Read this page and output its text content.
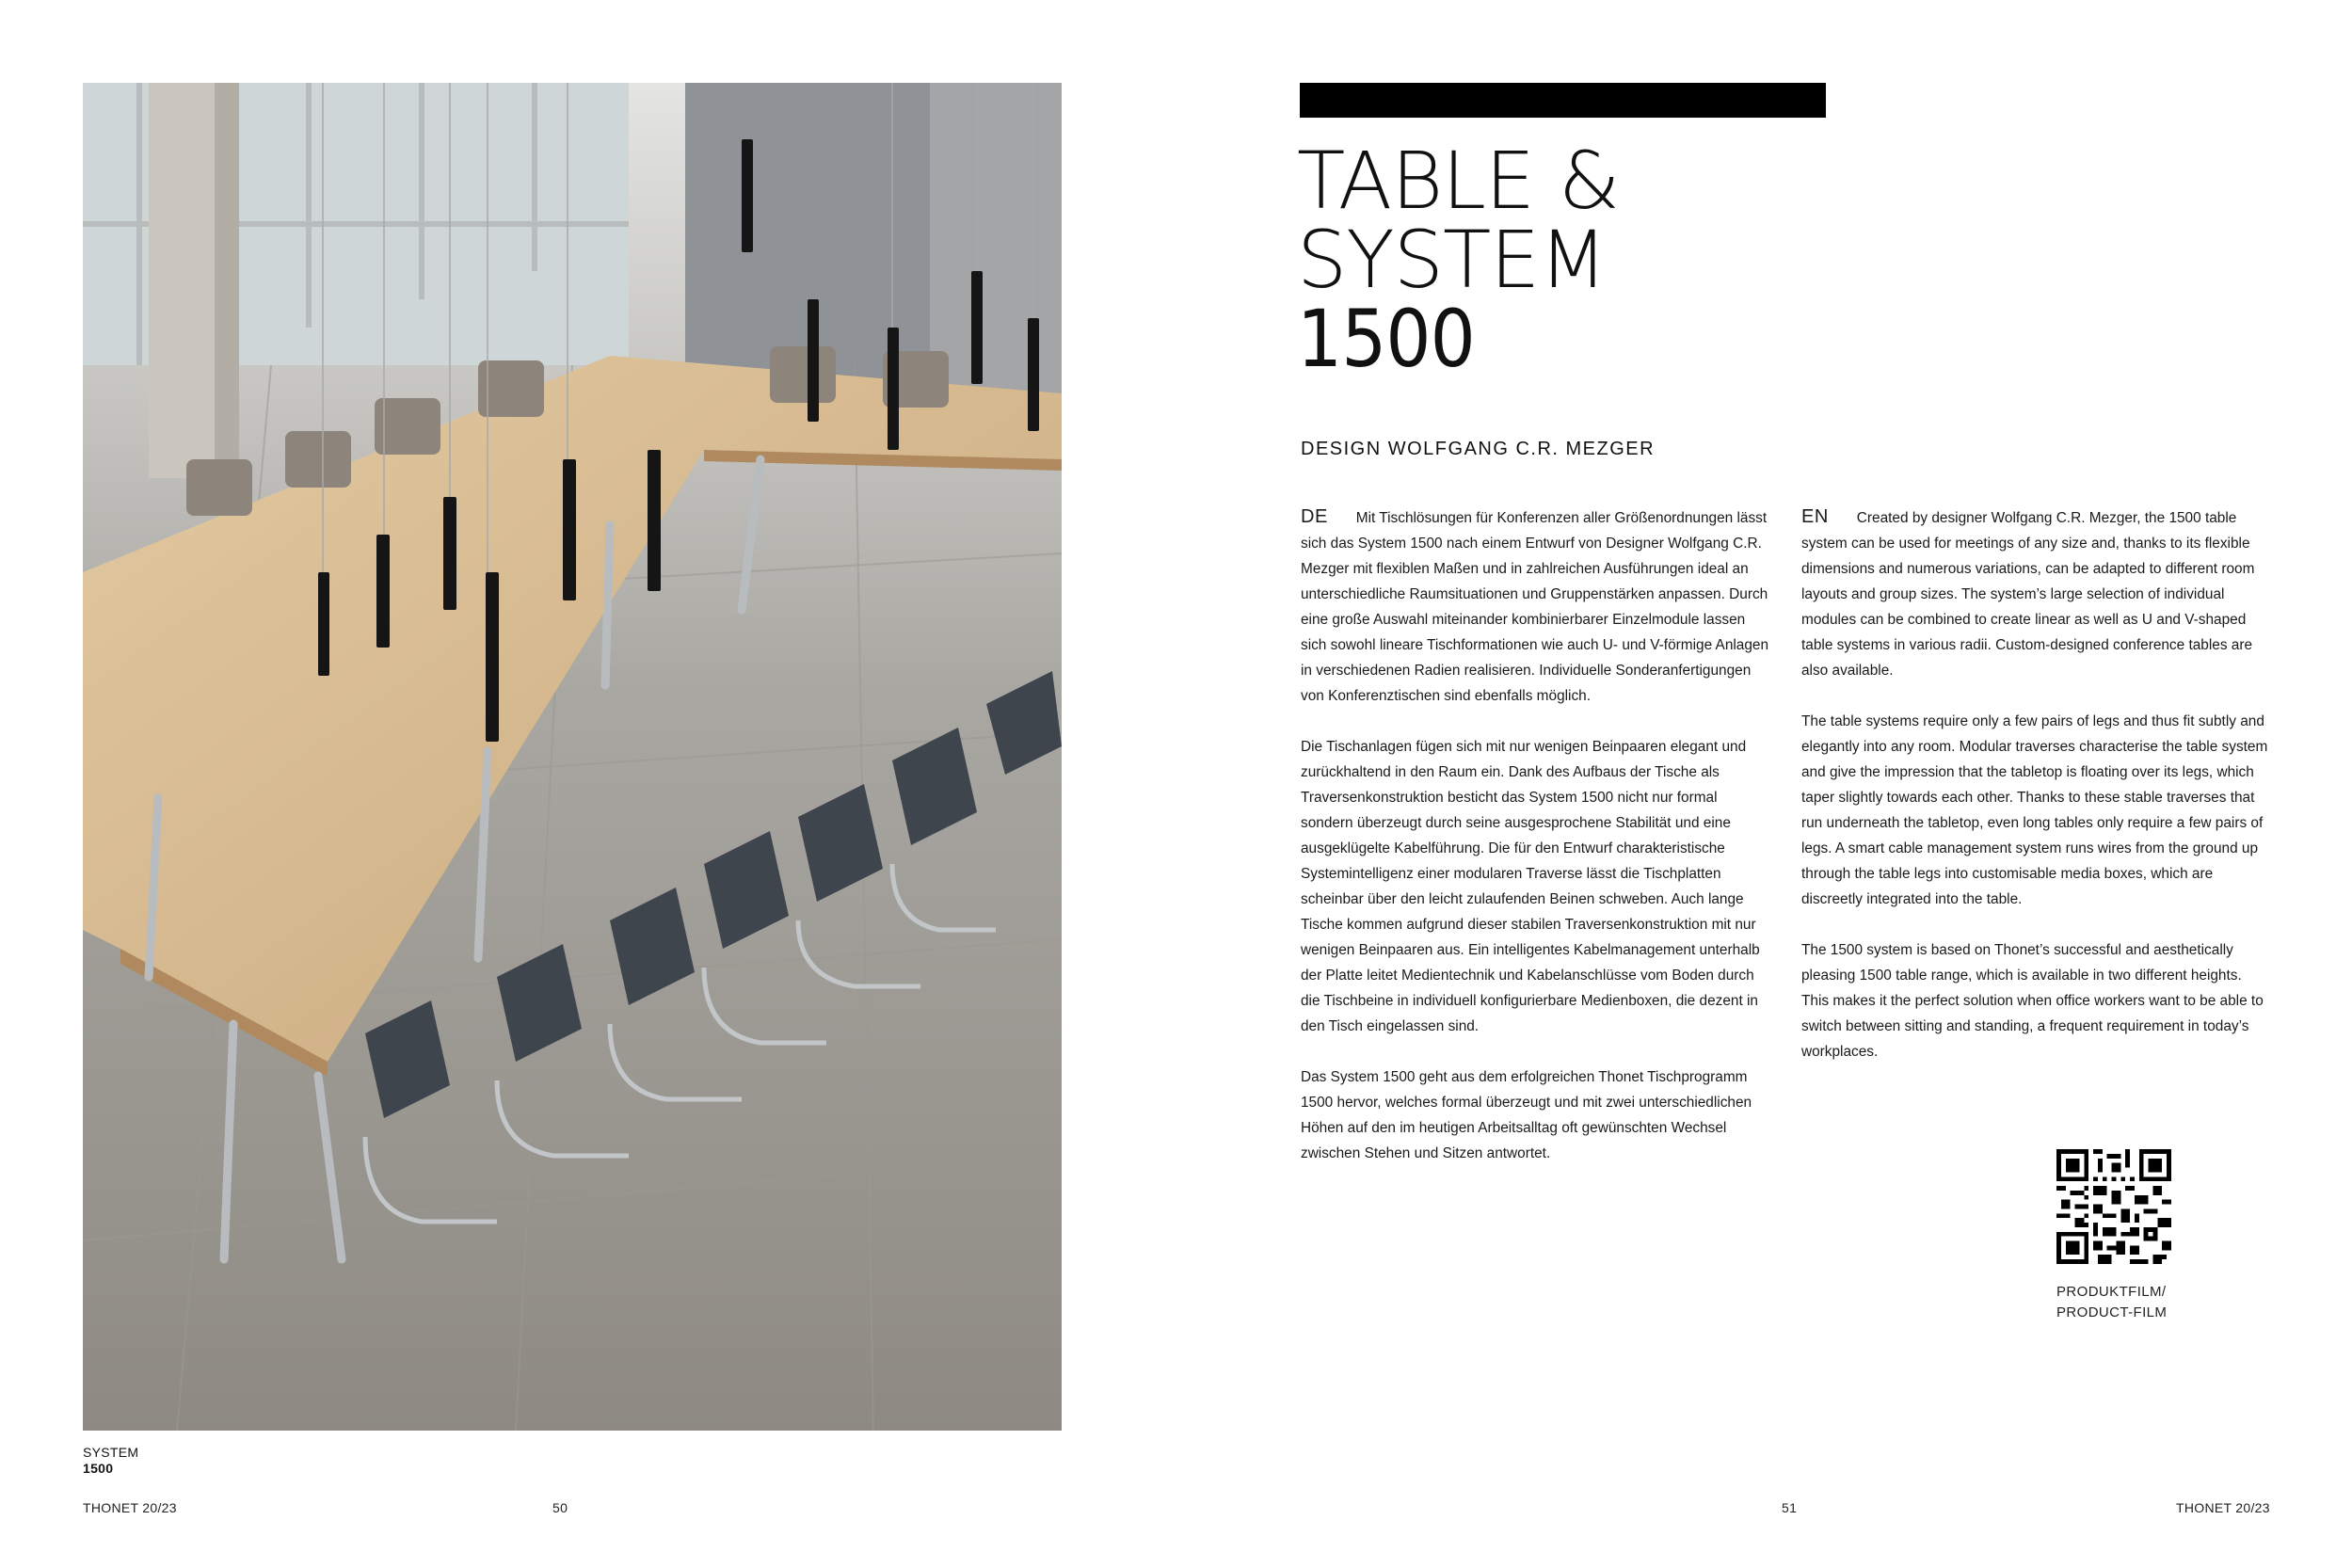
SYSTEM
1500
THONET 20/23	50	51	THONET 20/23
TABLE &
SYSTEM
1500
DESIGN WOLFGANG C.R. MEZGER

DE Mit Tischlösungen für Konferenzen aller Größenordnungen lässt sich das System 1500 nach einem Entwurf von Designer Wolfgang C.R. Mezger mit flexiblen Maßen und in zahlreichen Ausführungen ideal an unterschiedliche Raumsituationen und Gruppenstärken anpassen. Durch eine große Auswahl miteinander kombinierbarer Einzelmodule lassen sich sowohl lineare Tischformationen wie auch U- und V-förmige Anlagen in verschiedenen Radien realisieren. Individuelle Sonderanfertigungen von Konferenztischen sind ebenfalls möglich.

Die Tischanlagen fügen sich mit nur wenigen Beinpaaren elegant und zurückhaltend in den Raum ein. Dank des Aufbaus der Tische als Traversenkonstruktion besticht das System 1500 nicht nur formal sondern überzeugt durch seine ausgesprochene Stabilität und eine ausgeklügelte Kabelführung. Die für den Entwurf charakteristische Systemintelligenz einer modularen Traverse lässt die Tischplatten scheinbar über den leicht zulaufenden Beinen schweben. Auch lange Tische kommen aufgrund dieser stabilen Traversenkonstruktion mit nur wenigen Beinpaaren aus. Ein intelligentes Kabelmanagement unterhalb der Platte leitet Medientechnik und Kabelanschlüsse vom Boden durch die Tischbeine in individuell konfigurierbare Medienboxen, die dezent in den Tisch eingelassen sind.

Das System 1500 geht aus dem erfolgreichen Thonet Tischprogramm 1500 hervor, welches formal überzeugt und mit zwei unterschiedlichen Höhen auf den im heutigen Arbeitsalltag oft gewünschten Wechsel zwischen Stehen und Sitzen antwortet.

EN Created by designer Wolfgang C.R. Mezger, the 1500 table system can be used for meetings of any size and, thanks to its flexible dimensions and numerous variations, can be adapted to different room layouts and group sizes. The system’s large selection of individual modules can be combined to create linear as well as U and V-shaped table systems in various radii. Custom-designed conference tables are also available.

The table systems require only a few pairs of legs and thus fit subtly and elegantly into any room. Modular traverses characterise the table system and give the impression that the tabletop is floating over its legs, which taper slightly towards each other. Thanks to these stable traverses that run underneath the tabletop, even long tables only require a few pairs of legs. A smart cable management system runs wires from the ground up through the table legs into customisable media boxes, which are discreetly integrated into the table.

The 1500 system is based on Thonet’s successful and aesthetically pleasing 1500 table range, which is available in two different heights. This makes it the perfect solution when office workers want to be able to switch between sitting and standing, a frequent requirement in today’s workplaces.

PRODUKTFILM/
PRODUCT-FILM
